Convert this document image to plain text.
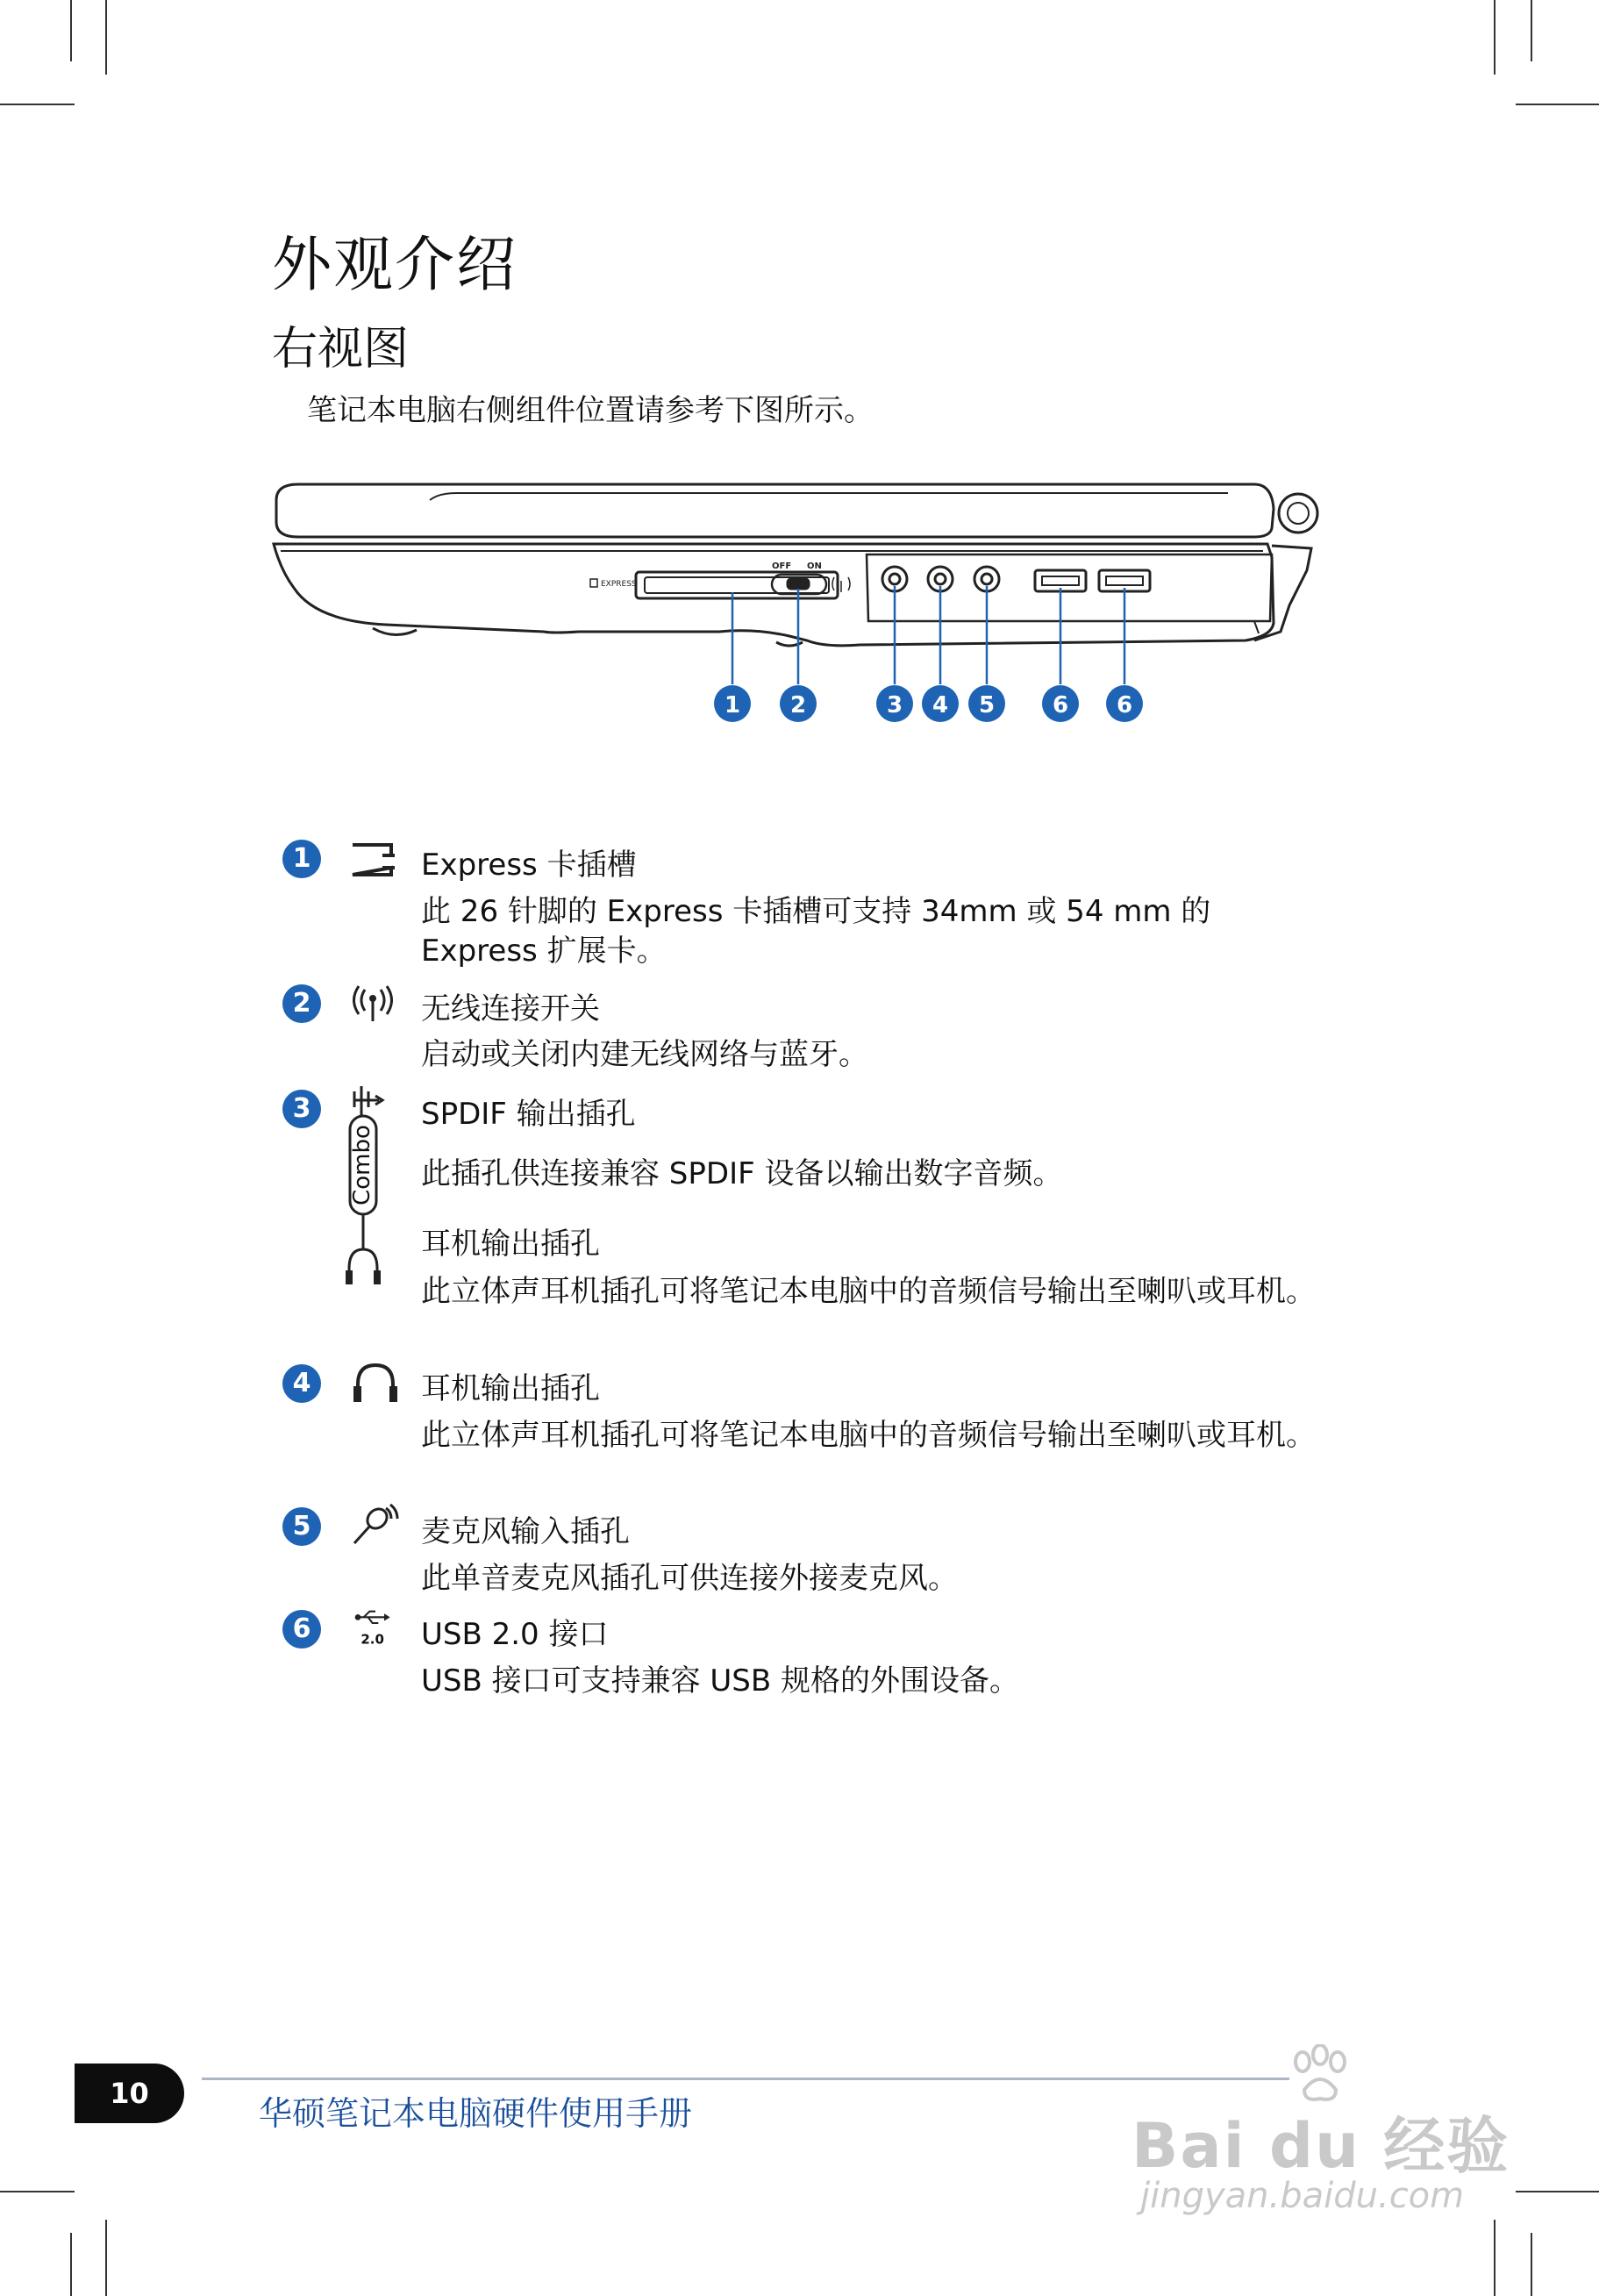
外观介绍
右视图
笔记本电脑右侧组件位置请参考下图所示。
EXPRESS
OFF ON
1 2	3 4 5	6 6
1	Express 卡插槽
此 26 针脚的 Express 卡插槽可支持 34mm 或 54 mm 的 Express 扩展卡。
2	无线连接开关
启动或关闭内建无线网络与蓝牙。
3
Combo
SPDIF 输出插孔
此插孔供连接兼容 SPDIF 设备以输出数字音频。
耳机输出插孔
此立体声耳机插孔可将笔记本电脑中的音频信号输出至喇叭或耳机。
4	耳机输出插孔
此立体声耳机插孔可将笔记本电脑中的音频信号输出至喇叭或耳机。
5	麦克风输入插孔
此单音麦克风插孔可供连接外接麦克风。
6	2.0 USB 2.0 接口
USB 接口可支持兼容 USB 规格的外围设备。
10
华硕笔记本电脑硬件使用手册	Bai du 经验
jingyan.baidu.com
